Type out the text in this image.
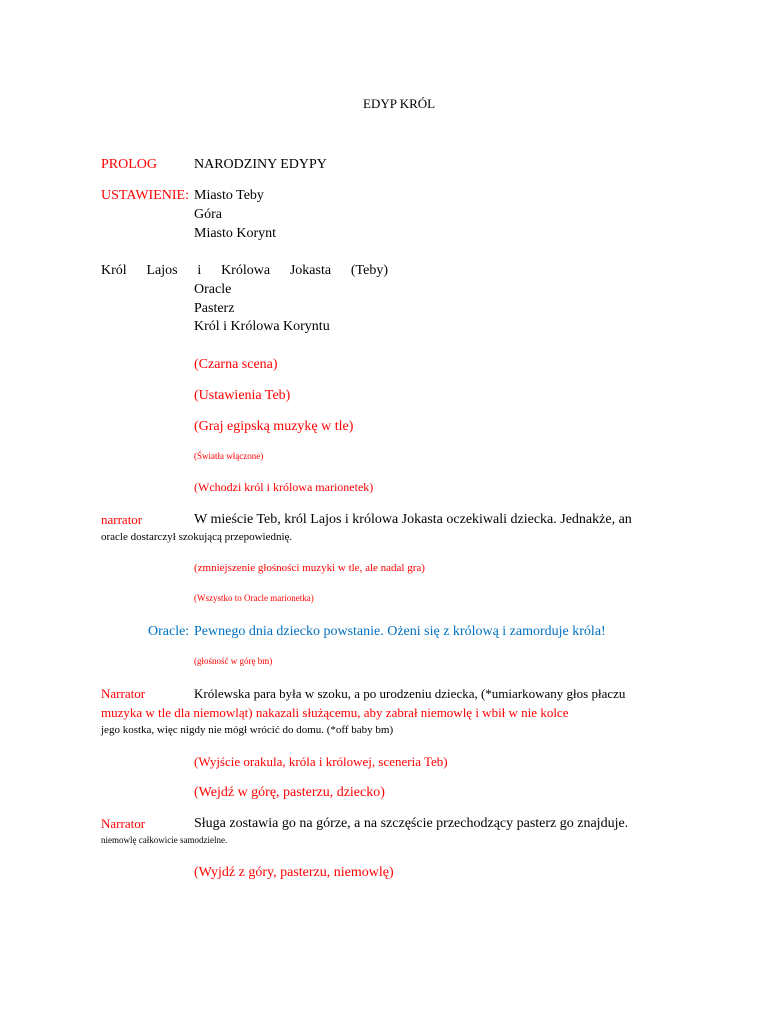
EDYP KRÓL
PROLOG	NARODZINY EDYPY
USTAWIENIE: Miasto Teby
Góra
Miasto Korynt
Król Lajos i Królowa Jokasta (Teby)
Oracle
Pasterz
Król i Królowa Koryntu
(Czarna scena)
(Ustawienia Teb)
(Graj egipską muzykę w tle)
(Światła włączone)
(Wchodzi król i królowa marionetek)
narrator	W mieście Teb, król Lajos i królowa Jokasta oczekiwali dziecka. Jednakże, an
oracle dostarczył szokującą przepowiednię.
(zmniejszenie głośności muzyki w tle, ale nadal gra)
(Wszystko to Oracle marionetka)
Oracle: Pewnego dnia dziecko powstanie. Ożeni się z królową i zamorduje króla!
(głośność w górę bm)
Narrator	Królewska para była w szoku, a po urodzeniu dziecka, (*umiarkowany głos płaczu
muzyka w tle dla niemowląt) nakazali służącemu, aby zabrał niemowlę i wbił w nie kolce
jego kostka, więc nigdy nie mógł wrócić do domu. (*off baby bm)
(Wyjście orakula, króla i królowej, sceneria Teb)
(Wejdź w górę, pasterzu, dziecko)
Narrator	Sługa zostawia go na górze, a na szczęście przechodzący pasterz go znajduje.
niemowlę całkowicie samodzielne.
(Wyjdź z góry, pasterzu, niemowlę)
